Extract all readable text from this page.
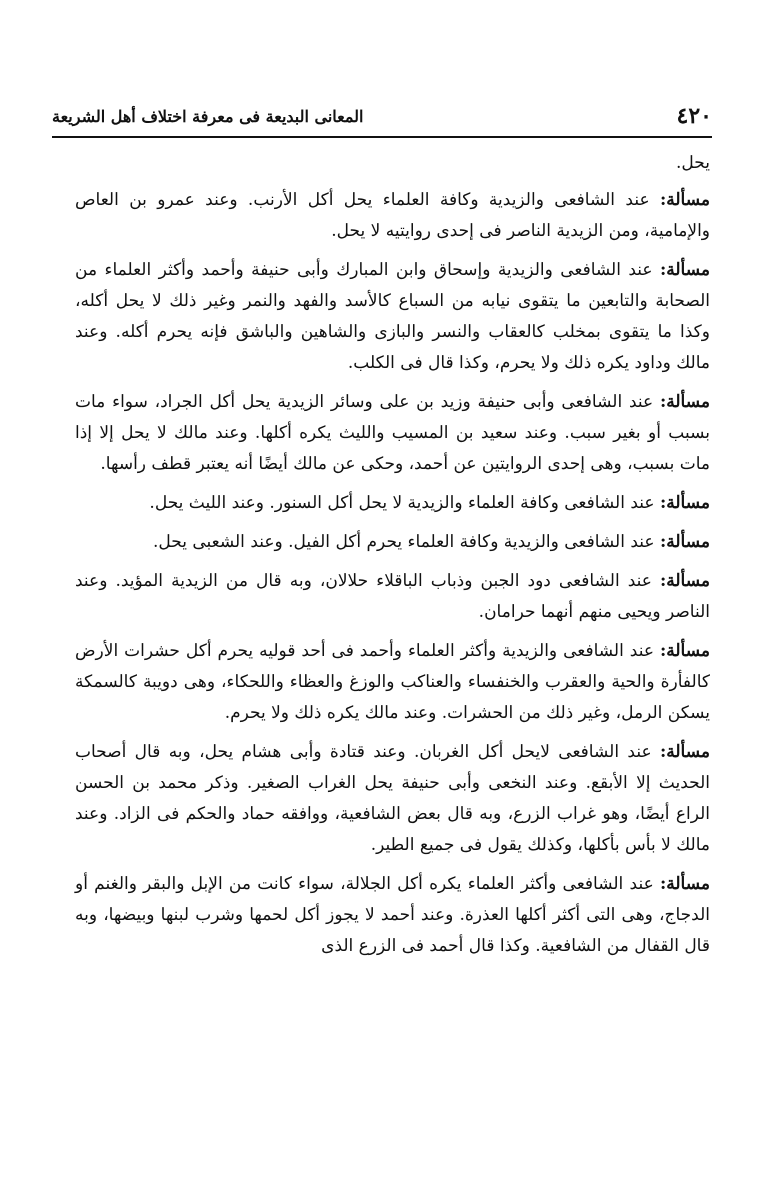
٤٢٠
المعانى البديعة فى معرفة اختلاف أهل الشريعة

يحل.

مسألة: عند الشافعى والزيدية وكافة العلماء يحل أكل الأرنب. وعند عمرو بن العاص والإمامية، ومن الزيدية الناصر فى إحدى روايتيه لا يحل.

مسألة: عند الشافعى والزيدية وإسحاق وابن المبارك وأبى حنيفة وأحمد وأكثر العلماء من الصحابة والتابعين ما يتقوى نيابه من السباع كالأسد والفهد والنمر وغير ذلك لا يحل أكله، وكذا ما يتقوى بمخلب كالعقاب والنسر والبازى والشاهين والباشق فإنه يحرم أكله. وعند مالك وداود يكره ذلك ولا يحرم، وكذا قال فى الكلب.

مسألة: عند الشافعى وأبى حنيفة وزيد بن على وسائر الزيدية يحل أكل الجراد، سواء مات بسبب أو بغير سبب. وعند سعيد بن المسيب والليث يكره أكلها. وعند مالك لا يحل إلا إذا مات بسبب، وهى إحدى الروايتين عن أحمد، وحكى عن مالك أيضًا أنه يعتبر قطف رأسها.

مسألة: عند الشافعى وكافة العلماء والزيدية لا يحل أكل السنور. وعند الليث يحل.

مسألة: عند الشافعى والزيدية وكافة العلماء يحرم أكل الفيل. وعند الشعبى يحل.

مسألة: عند الشافعى دود الجبن وذباب الباقلاء حلالان، وبه قال من الزيدية المؤيد. وعند الناصر ويحيى منهم أنهما حرامان.

مسألة: عند الشافعى والزيدية وأكثر العلماء وأحمد فى أحد قوليه يحرم أكل حشرات الأرض كالفأرة والحية والعقرب والخنفساء والعناكب والوزغ والعظاء واللحكاء، وهى دويبة كالسمكة يسكن الرمل، وغير ذلك من الحشرات. وعند مالك يكره ذلك ولا يحرم.

مسألة: عند الشافعى لايحل أكل الغربان. وعند قتادة وأبى هشام يحل، وبه قال أصحاب الحديث إلا الأبقع. وعند النخعى وأبى حنيفة يحل الغراب الصغير. وذكر محمد بن الحسن الراع أيضًا، وهو غراب الزرع، وبه قال بعض الشافعية، ووافقه حماد والحكم فى الزاد. وعند مالك لا بأس بأكلها، وكذلك يقول فى جميع الطير.

مسألة: عند الشافعى وأكثر العلماء يكره أكل الجلالة، سواء كانت من الإبل والبقر والغنم أو الدجاج، وهى التى أكثر أكلها العذرة. وعند أحمد لا يجوز أكل لحمها وشرب لبنها وبيضها، وبه قال القفال من الشافعية. وكذا قال أحمد فى الزرع الذى
